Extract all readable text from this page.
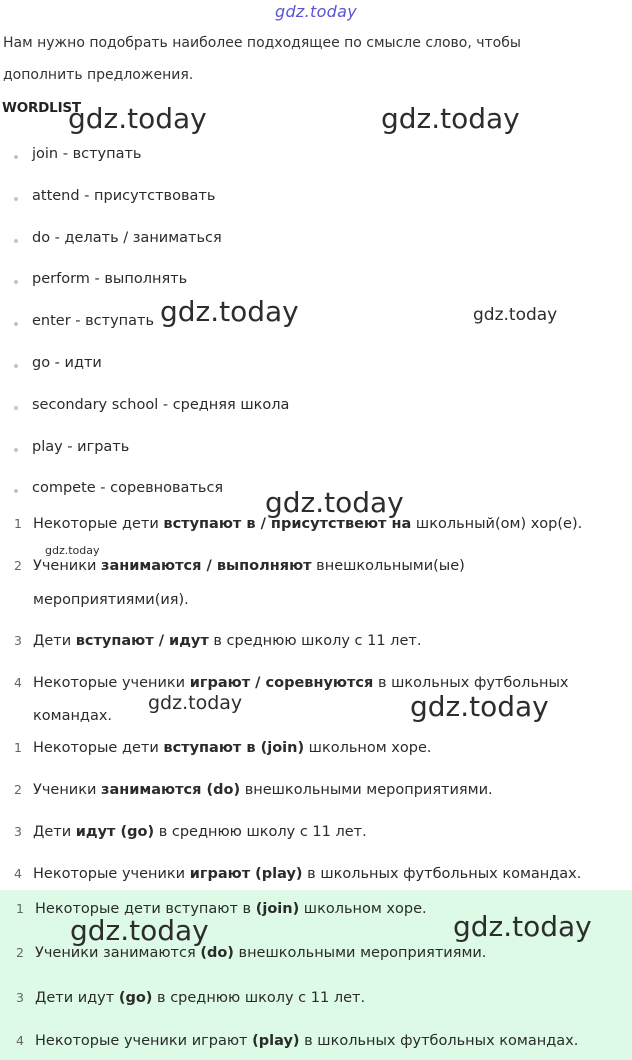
gdz.today
Нам нужно подобрать наиболее подходящее по смысле слово, чтобы
дополнить предложения.
WORDLIST
join - вступать
attend - присутствовать
do - делать / заниматься
perform - выполнять
enter - вступать
go - идти
secondary school - средняя школа
play - играть
compete - соревноваться
1 Некоторые дети вступают в / присутствеют на школьный(ом) хор(е).
2 Ученики занимаются / выполняют внешкольными(ые)
мероприятиями(ия).
3 Дети вступают / идут в среднюю школу с 11 лет.
4 Некоторые ученики играют / соревнуются в школьных футбольных
командах.
1 Некоторые дети вступают в (join) школьном хоре.
2 Ученики занимаются (do) внешкольными мероприятиями.
3 Дети идут (go) в среднюю школу с 11 лет.
4 Некоторые ученики играют (play) в школьных футбольных командах.
1 Некоторые дети вступают в (join) школьном хоре.
2 Ученики занимаются (do) внешкольными мероприятиями.
3 Дети идут (go) в среднюю школу с 11 лет.
4 Некоторые ученики играют (play) в школьных футбольных командах.
gdz.today	gdz.today
gdz.today	gdz.today
gdz.today
gdz.today
gdz.today	gdz.today
gdz.today	gdz.today
